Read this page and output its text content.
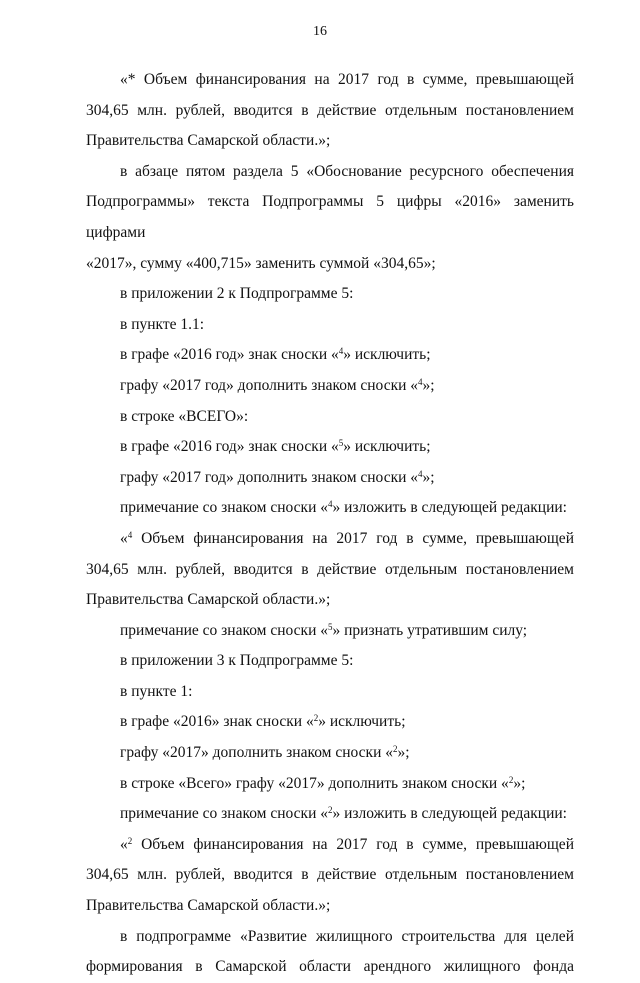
16
«* Объем финансирования на 2017 год в сумме, превышающей
304,65 млн. рублей, вводится в действие отдельным постановлением
Правительства Самарской области.»;
в абзаце пятом раздела 5 «Обоснование ресурсного обеспечения
Подпрограммы» текста Подпрограммы 5 цифры «2016» заменить цифрами
«2017», сумму «400,715» заменить суммой «304,65»;
в приложении 2 к Подпрограмме 5:
в пункте 1.1:
в графе «2016 год» знак сноски «$^4$» исключить;
графу «2017 год» дополнить знаком сноски «$^4$»;
в строке «ВСЕГО»:
в графе «2016 год» знак сноски «$^5$» исключить;
графу «2017 год» дополнить знаком сноски «$^4$»;
примечание со знаком сноски «$^4$» изложить в следующей редакции:
«$^4$ Объем финансирования на 2017 год в сумме, превышающей
304,65 млн. рублей, вводится в действие отдельным постановлением
Правительства Самарской области.»;
примечание со знаком сноски «$^5$» признать утратившим силу;
в приложении 3 к Подпрограмме 5:
в пункте 1:
в графе «2016» знак сноски «$^2$» исключить;
графу «2017» дополнить знаком сноски «$^2$»;
в строке «Всего» графу «2017» дополнить знаком сноски «$^2$»;
примечание со знаком сноски «$^2$» изложить в следующей редакции:
«$^2$ Объем финансирования на 2017 год в сумме, превышающей
304,65 млн. рублей, вводится в действие отдельным постановлением
Правительства Самарской области.»;
в подпрограмме «Развитие жилищного строительства для целей
формирования в Самарской области арендного жилищного фонда
